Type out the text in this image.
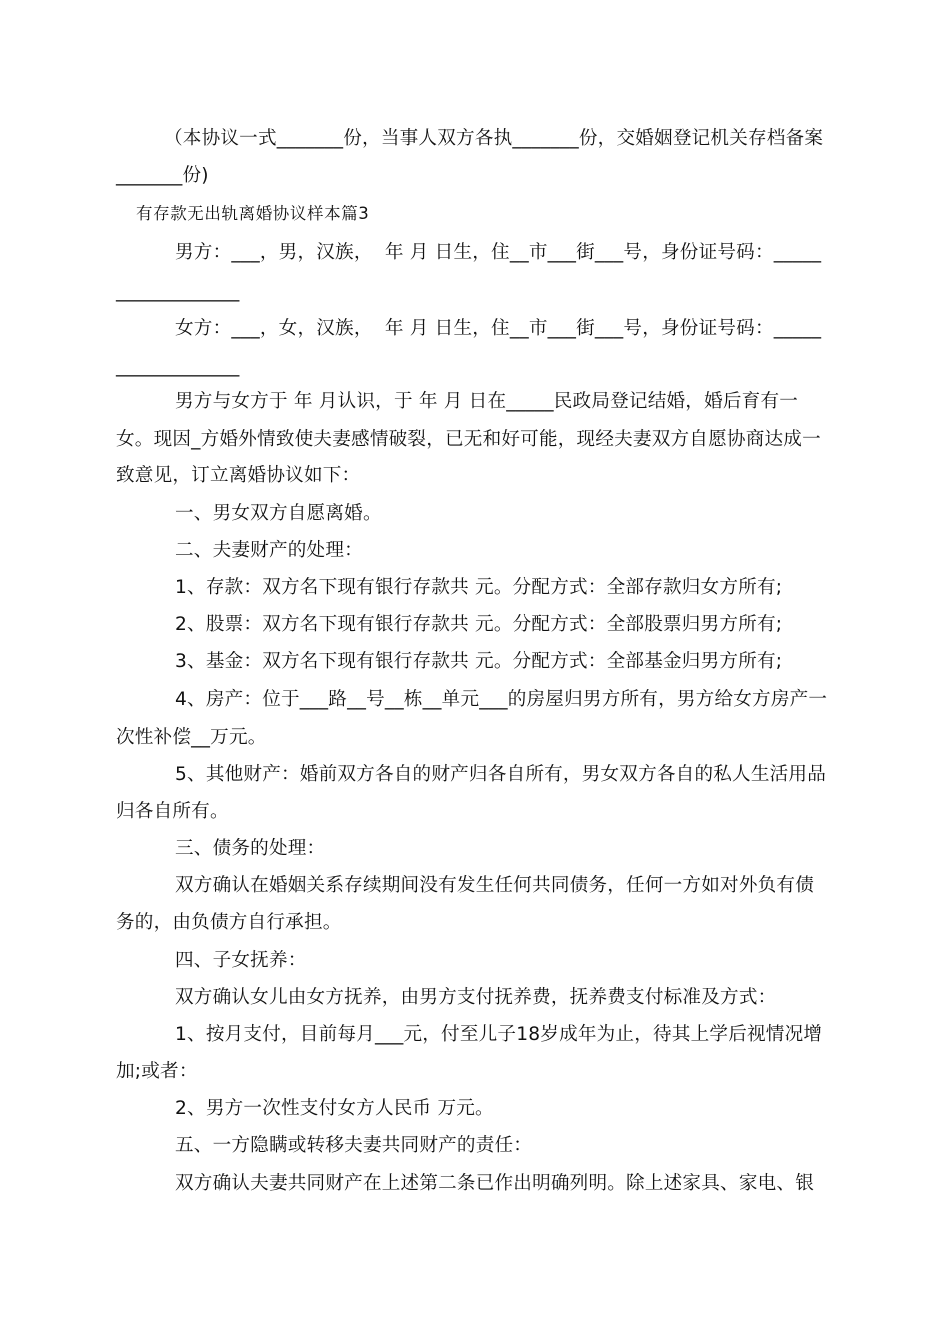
（本协议一式_______份，当事人双方各执_______份，交婚姻登记机关存档备案
_______份)
有存款无出轨离婚协议样本篇3
男方：___，男，汉族，  年 月 日生，住__市___街___号，身份证号码：_____
_____________
女方：___，女，汉族，  年 月 日生，住__市___街___号，身份证号码：_____
_____________
男方与女方于 年 月认识，于 年 月 日在_____民政局登记结婚，婚后育有一
女。现因_方婚外情致使夫妻感情破裂，已无和好可能，现经夫妻双方自愿协商达成一
致意见，订立离婚协议如下：
一、男女双方自愿离婚。
二、夫妻财产的处理：
1、存款：双方名下现有银行存款共 元。分配方式：全部存款归女方所有;
2、股票：双方名下现有银行存款共 元。分配方式：全部股票归男方所有;
3、基金：双方名下现有银行存款共 元。分配方式：全部基金归男方所有;
4、房产：位于___路__号__栋__单元___的房屋归男方所有，男方给女方房产一
次性补偿__万元。
5、其他财产：婚前双方各自的财产归各自所有，男女双方各自的私人生活用品
归各自所有。
三、债务的处理：
双方确认在婚姻关系存续期间没有发生任何共同债务，任何一方如对外负有债
务的，由负债方自行承担。
四、子女抚养：
双方确认女儿由女方抚养，由男方支付抚养费，抚养费支付标准及方式：
1、按月支付，目前每月___元，付至儿子18岁成年为止，待其上学后视情况增
加;或者：
2、男方一次性支付女方人民币 万元。
五、一方隐瞒或转移夫妻共同财产的责任：
双方确认夫妻共同财产在上述第二条已作出明确列明。除上述家具、家电、银
